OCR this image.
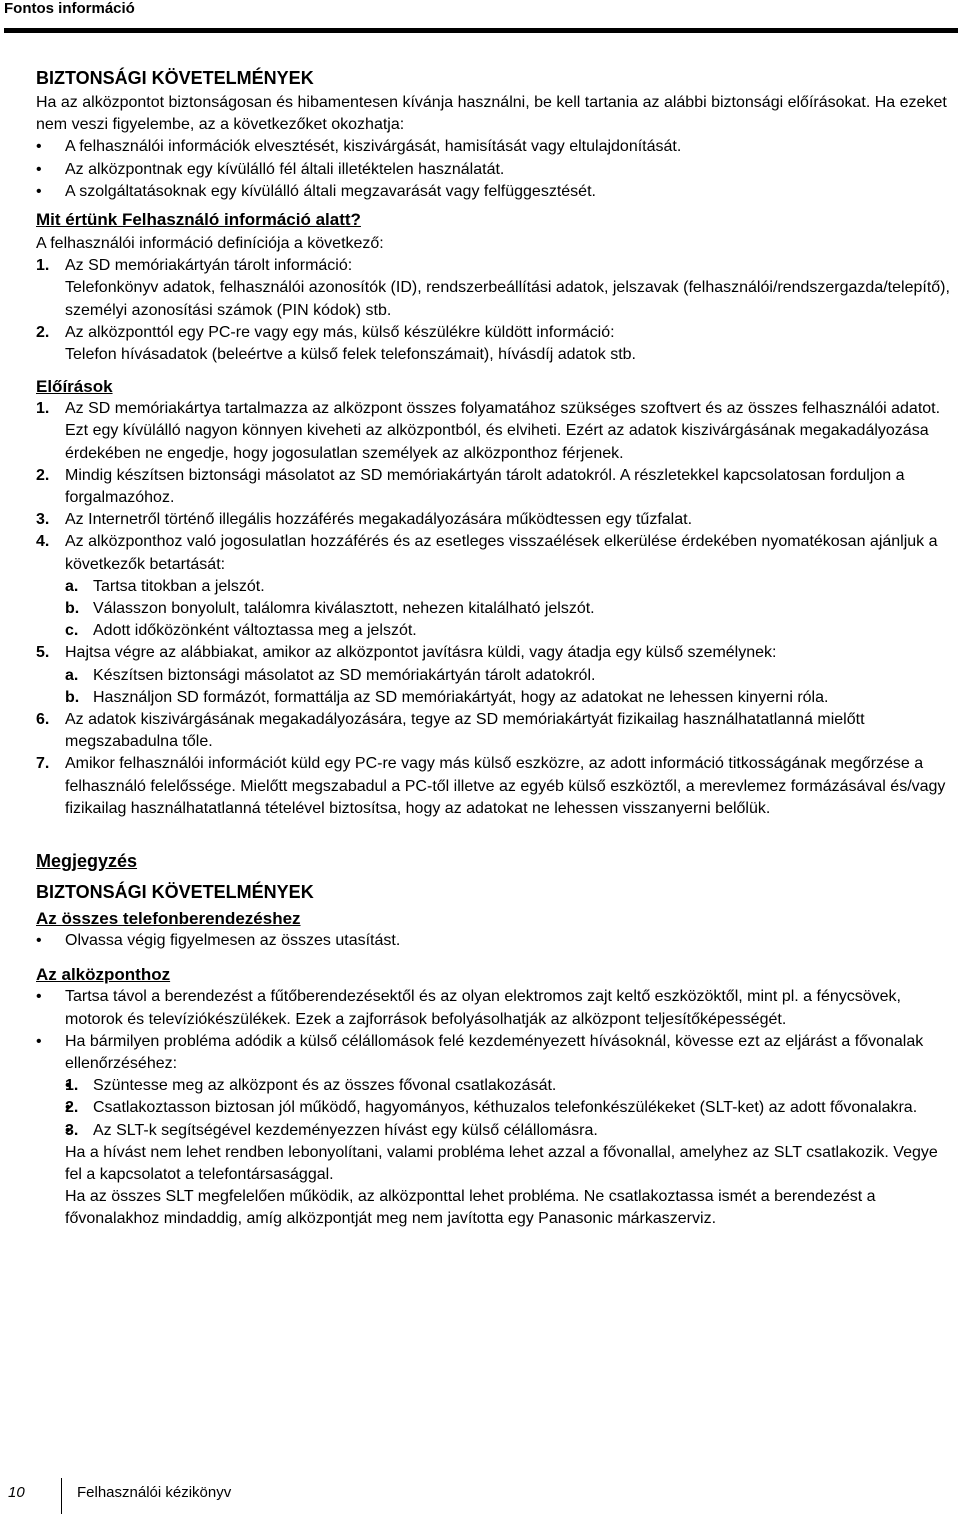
Fontos információ
BIZTONSÁGI KÖVETELMÉNYEK

Ha az alközpontot biztonságosan és hibamentesen kívánja használni, be kell tartania az alábbi biztonsági előírásokat. Ha ezeket nem veszi figyelembe, az a következőket okozhatja:

• A felhasználói információk elvesztését, kiszivárgását, hamisítását vagy eltulajdonítását.
• Az alközpontnak egy kívülálló fél általi illetéktelen használatát.
• A szolgáltatásoknak egy kívülálló általi megzavarását vagy felfüggesztését.
Mit értünk Felhasználó információ alatt?

A felhasználói információ definíciója a következő:

1. Az SD memóriakártyán tárolt információ:
Telefonkönyv adatok, felhasználói azonosítók (ID), rendszerbeállítási adatok, jelszavak (felhasználói/rendszergazda/telepítő), személyi azonosítási számok (PIN kódok) stb.
2. Az alközponttól egy PC-re vagy egy más, külső készülékre küldött információ:
Telefon hívásadatok (beleértve a külső felek telefonszámait), hívásdíj adatok stb.
Előírások
1. Az SD memóriakártya tartalmazza az alközpont összes folyamatához szükséges szoftvert és az összes felhasználói adatot. Ezt egy kívülálló nagyon könnyen kiveheti az alközpontból, és elviheti. Ezért az adatok kiszivárgásának megakadályozása érdekében ne engedje, hogy jogosulatlan személyek az alközponthoz férjenek.
2. Mindig készítsen biztonsági másolatot az SD memóriakártyán tárolt adatokról. A részletekkel kapcsolatosan forduljon a forgalmazóhoz.
3. Az Internetről történő illegális hozzáférés megakadályozására működtessen egy tűzfalat.
4. Az alközponthoz való jogosulatlan hozzáférés és az esetleges visszaélések elkerülése érdekében nyomatékosan ajánljuk a következők betartását:
a. Tartsa titokban a jelszót.
b. Válasszon bonyolult, találomra kiválasztott, nehezen kitalálható jelszót.
c. Adott időközönként változtassa meg a jelszót.
5. Hajtsa végre az alábbiakat, amikor az alközpontot javításra küldi, vagy átadja egy külső személynek:
a. Készítsen biztonsági másolatot az SD memóriakártyán tárolt adatokról.
b. Használjon SD formázót, formattálja az SD memóriakártyát, hogy az adatokat ne lehessen kinyerni róla.
6. Az adatok kiszivárgásának megakadályozására, tegye az SD memóriakártyát fizikailag használhatatlanná mielőtt megszabadulna tőle.
7. Amikor felhasználói információt küld egy PC-re vagy más külső eszközre, az adott információ titkosságának megőrzése a felhasználó felelőssége. Mielőtt megszabadul a PC-től illetve az egyéb külső eszköztől, a merevlemez formázásával és/vagy fizikailag használhatatlanná tételével biztosítsa, hogy az adatokat ne lehessen visszanyerni belőlük.
Megjegyzés
BIZTONSÁGI KÖVETELMÉNYEK
Az összes telefonberendezéshez
• Olvassa végig figyelmesen az összes utasítást.
Az alközponthoz
• Tartsa távol a berendezést a fűtőberendezésektől és az olyan elektromos zajt keltő eszközöktől, mint pl. a fénycsövek, motorok és televíziókészülékek. Ezek a zajforrások befolyásolhatják az alközpont teljesítőképességét.
• Ha bármilyen probléma adódik a külső célállomások felé kezdeményezett hívásoknál, kövesse ezt az eljárást a fővonalak ellenőrzéséhez:
• 1. Szüntesse meg az alközpont és az összes fővonal csatlakozását.
• 2. Csatlakoztasson biztosan jól működő, hagyományos, kéthuzalos telefonkészülékeket (SLT-ket) az adott fővonalakra.
• 3. Az SLT-k segítségével kezdeményezzen hívást egy külső célállomásra.
Ha a hívást nem lehet rendben lebonyolítani, valami probléma lehet azzal a fővonallal, amelyhez az SLT csatlakozik. Vegye fel a kapcsolatot a telefontársasággal.
Ha az összes SLT megfelelően működik, az alközponttal lehet probléma. Ne csatlakoztassa ismét a berendezést a fővonalakhoz mindaddig, amíg alközpontját meg nem javította egy Panasonic márkaszerviz.
10	Felhasználói kézikönyv
